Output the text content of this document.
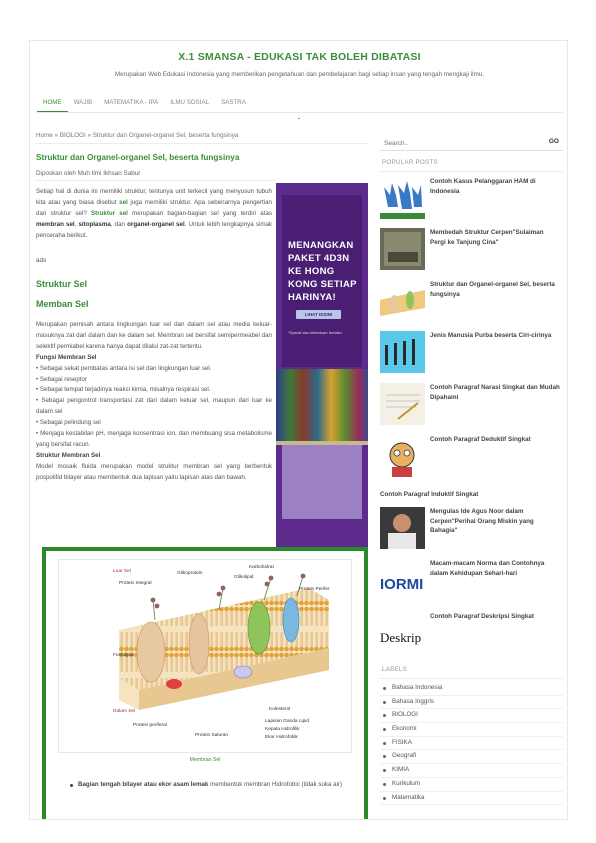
X.1 SMANSA - EDUKASI TAK BOLEH DIBATASI
Merupakan Web Edukasi Indonesia yang memberikan pengetahuan dan pembelajaran bagi setiap insan yang tengah mengkaji ilmu.
HOME	WAJIB	MATEMATIKA - IPA	ILMU SOSIAL	SASTRA
Home » BIOLOGI » Struktur dan Organel-organel Sel, beserta fungsinya
Struktur dan Organel-organel Sel, beserta fungsinya
Diposkan oleh Muh Ilmi Ikhsan Sabur

Setiap hal di dunia ini memiliki struktur, tentunya unit terkecil yang menyusun tubuh kita atau yang biasa disebut sel juga memiliki struktur. Apa sebenarnya pengertian dari struktur sel? Struktur sel merupakan bagian-bagian sel yang terdiri atas membran sel, sitoplasma, dan organel-organel sel. Untuk lebih lengkapnya simak penceraha berikut.

ads
Struktur Sel
Memban Sel
Merupakan pemisah antara lingkungan luar sel dan dalam sel atau media keluar-masuknya zat dari dalam dan ke dalam sel. Membran sel bersifat semipermeabel dan selektif permiabel karena hanya dapat dilalui zat-zat tertentu.
Fungsi Membran Sel
• Sebagai sekat pembatas antara isi sel dan lingkungan luar sel.
• Sebagai reseptor
• Sebagai tempat terjadinya reaksi kimia, misalnya respirasi sel.
• Sebagai pengontrol transportasi zat dari dalam keluar sel, maupun dari luar ke dalam sel
• Sebagai pelindung sel
• Menjaga kestabilan pH, menjaga konsentrasi ion, dan membuang sisa metabolisme yang bersifat racun.
Struktur Membran Sel
Model mosaik fluida merupakan model struktur membran sel yang berbentuk pospolifid bilayer atau membentuk dua lapisan yaitu lapisan atas dan bawah.
MENANGKAN
PAKET 4D3N
KE HONG
KONG SETIAP
HARINYA!
LIHAT DISINI
*Syarat dan ketentuan berlaku
Luar Sel
Protein Integral
Glikoprotein
Karbohidrat
Glikolipid
Protein Perifer
Fosfolipid
Dalam Sel
Protein periferal
Protein Saluran
Kolesterol
Lapisan Ganda Lipid
Kepala Hidrofilik
Ekor Hidrofobik
Membran Sel
Bagian tengah bilayer atau ekor asam lemak membentuk membran Hidrofobic (tidak suka air)
Search..
GO
POPULAR POSTS
Contoh Kasus Pelanggaran HAM di Indonesia
Membedah Struktur Cerpen"Sulaiman Pergi ke Tanjung Cina"
Struktur dan Organel-organel Sel, beserta fungsinya
Jenis Manusia Purba beserta Ciri-cirinya
Contoh Paragraf Narasi Singkat dan Mudah Dipahami
Contoh Paragraf Deduktif Singkat
Contoh Paragraf Induktif Singkat
Mengulas Ide Agus Noor dalam Cerpen"Perihal Orang Miskin yang Bahagia"
IORMI
Macam-macam Norma dan Contohnya dalam Kehidupan Sehari-hari
Deskrip
Contoh Paragraf Deskripsi Singkat
LABELS
Bahasa Indonesia
Bahasa Inggris
BIOLOGI
Ekonomi
FISIKA
Geografi
KIMIA
Kurikulum
Matematika
